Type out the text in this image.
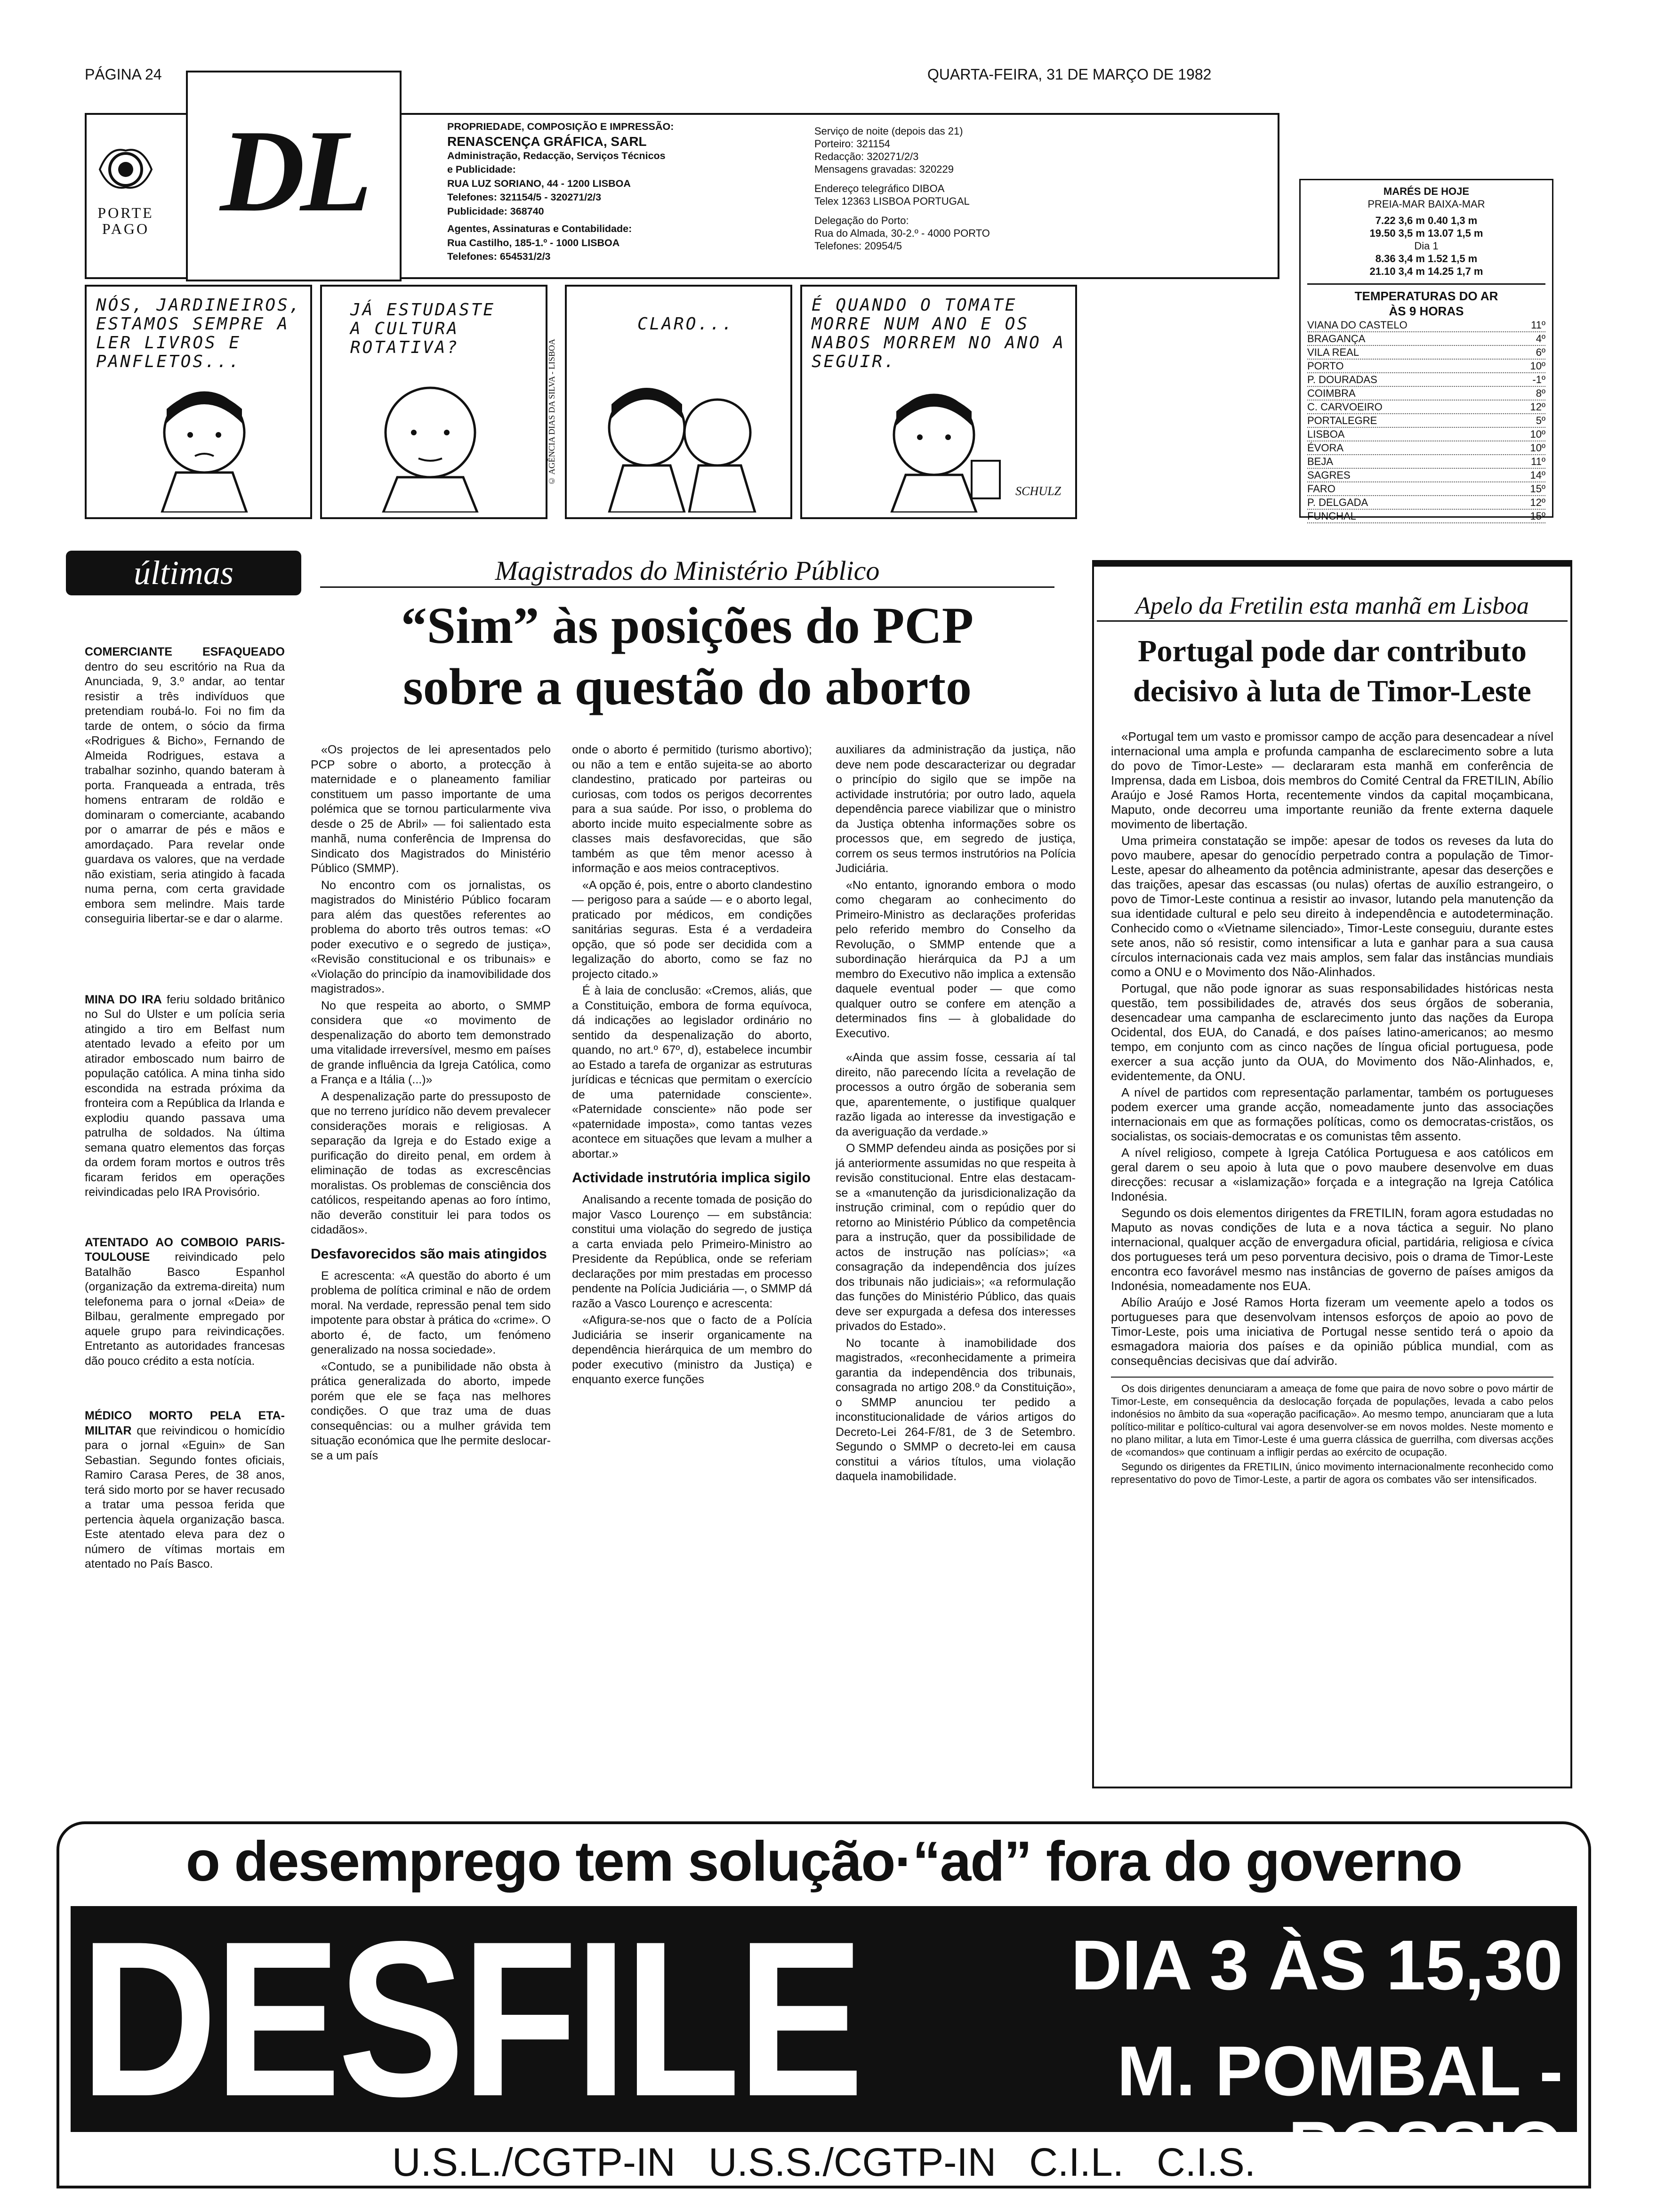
PÁGINA 24	QUARTA-FEIRA, 31 DE MARÇO DE 1982
PORTE PAGO DL	PROPRIEDADE, COMPOSIÇÃO E IMPRESSÃO:
RENASCENÇA GRÁFICA, SARL
Administração, Redacção, Serviços Técnicos
e Publicidade:
RUA LUZ SORIANO, 44 - 1200 LISBOA
Telefones: 321154/5 - 320271/2/3
Publicidade: 368740
Agentes, Assinaturas e Contabilidade:
Rua Castilho, 185-1.º - 1000 LISBOA
Telefones: 654531/2/3
Serviço de noite (depois das 21)
Porteiro: 321154
Redacção: 320271/2/3
Mensagens gravadas: 320229
Endereço telegráfico DIBOA
Telex 12363 LISBOA PORTUGAL
Delegação do Porto:
Rua do Almada, 30-2.º - 4000 PORTO
Telefones: 20954/5
MARÉS DE HOJE
PREIA-MAR BAIXA-MAR
7.22 3,6 m 0.40 1,3 m
19.50 3,5 m 13.07 1,5 m
Dia 1
8.36 3,4 m 1.52 1,5 m
21.10 3,4 m 14.25 1,7 m
TEMPERATURAS DO AR
ÀS 9 HORAS
VIANA DO CASTELO	11º
BRAGANÇA	4º
VILA REAL	6º
PORTO	10º
P. DOURADAS	-1º
COIMBRA	8º
C. CARVOEIRO	12º
PORTALEGRE	5º
LISBOA	10º
ÉVORA	10º
BEJA	11º
SAGRES	14º
FARO	15º
P. DELGADA	12º
FUNCHAL	15º
NÓS, JARDINEIROS, ESTAMOS SEMPRE A LER LIVROS E PANFLETOS...
JÁ ESTUDASTE A CULTURA ROTATIVA?	© AGÊNCIA DIAS DA SILVA - LISBOA
CLARO...
É QUANDO O TOMATE MORRE NUM ANO E OS NABOS MORREM NO ANO A SEGUIR.
SCHULZ
últimas

COMERCIANTE ESFAQUEADO dentro do seu escritório na Rua da Anunciada, 9, 3.º andar, ao tentar resistir a três indivíduos que pretendiam roubá-lo. Foi no fim da tarde de ontem, o sócio da firma «Rodrigues & Bicho», Fernando de Almeida Rodrigues, estava a trabalhar sozinho, quando bateram à porta. Franqueada a entrada, três homens entraram de roldão e dominaram o comerciante, acabando por o amarrar de pés e mãos e amordaçado. Para revelar onde guardava os valores, que na verdade não existiam, seria atingido à facada numa perna, com certa gravidade embora sem melindre. Mais tarde conseguiria libertar-se e dar o alarme.

MINA DO IRA feriu soldado britânico no Sul do Ulster e um polícia seria atingido a tiro em Belfast num atentado levado a efeito por um atirador emboscado num bairro de população católica. A mina tinha sido escondida na estrada próxima da fronteira com a República da Irlanda e explodiu quando passava uma patrulha de soldados. Na última semana quatro elementos das forças da ordem foram mortos e outros três ficaram feridos em operações reivindicadas pelo IRA Provisório.

ATENTADO AO COMBOIO PARIS-TOULOUSE reivindicado pelo Batalhão Basco Espanhol (organização da extrema-direita) num telefonema para o jornal «Deia» de Bilbau, geralmente empregado por aquele grupo para reivindicações. Entretanto as autoridades francesas dão pouco crédito a esta notícia.

MÉDICO MORTO PELA ETA-MILITAR que reivindicou o homicídio para o jornal «Eguin» de San Sebastian. Segundo fontes oficiais, Ramiro Carasa Peres, de 38 anos, terá sido morto por se haver recusado a tratar uma pessoa ferida que pertencia àquela organização basca. Este atentado eleva para dez o número de vítimas mortais em atentado no País Basco.

Magistrados do Ministério Público
“Sim” às posições do PCP
sobre a questão do aborto

«Os projectos de lei apresentados pelo PCP sobre o aborto, a protecção à maternidade e o planeamento familiar constituem um passo importante de uma polémica que se tornou particularmente viva desde o 25 de Abril» — foi salientado esta manhã, numa conferência de Imprensa do Sindicato dos Magistrados do Ministério Público (SMMP).

No encontro com os jornalistas, os magistrados do Ministério Público focaram para além das questões referentes ao problema do aborto três outros temas: «O poder executivo e o segredo de justiça», «Revisão constitucional e os tribunais» e «Violação do princípio da inamovibilidade dos magistrados».

No que respeita ao aborto, o SMMP considera que «o movimento de despenalização do aborto tem demonstrado uma vitalidade irreversível, mesmo em países de grande influência da Igreja Católica, como a França e a Itália (...)»

A despenalização parte do pressuposto de que no terreno jurídico não devem prevalecer considerações morais e religiosas. A separação da Igreja e do Estado exige a purificação do direito penal, em ordem à eliminação de todas as excrescências moralistas. Os problemas de consciência dos católicos, respeitando apenas ao foro íntimo, não deverão constituir lei para todos os cidadãos».

Desfavorecidos são mais atingidos

E acrescenta: «A questão do aborto é um problema de política criminal e não de ordem moral. Na verdade, repressão penal tem sido impotente para obstar à prática do «crime». O aborto é, de facto, um fenómeno generalizado na nossa sociedade».

«Contudo, se a punibilidade não obsta à prática generalizada do aborto, impede porém que ele se faça nas melhores condições. O que traz uma de duas consequências: ou a mulher grávida tem situação económica que lhe permite deslocar-se a um país

onde o aborto é permitido (turismo abortivo); ou não a tem e então sujeita-se ao aborto clandestino, praticado por parteiras ou curiosas, com todos os perigos decorrentes para a sua saúde. Por isso, o problema do aborto incide muito especialmente sobre as classes mais desfavorecidas, que são também as que têm menor acesso à informação e aos meios contraceptivos.

«A opção é, pois, entre o aborto clandestino — perigoso para a saúde — e o aborto legal, praticado por médicos, em condições sanitárias seguras. Esta é a verdadeira opção, que só pode ser decidida com a legalização do aborto, como se faz no projecto citado.»

É à laia de conclusão: «Cremos, aliás, que a Constituição, embora de forma equívoca, dá indicações ao legislador ordinário no sentido da despenalização do aborto, quando, no art.º 67º, d), estabelece incumbir ao Estado a tarefa de organizar as estruturas jurídicas e técnicas que permitam o exercício de uma paternidade consciente». «Paternidade consciente» não pode ser «paternidade imposta», como tantas vezes acontece em situações que levam a mulher a abortar.»

Actividade instrutória implica sigilo

Analisando a recente tomada de posição do major Vasco Lourenço — em substância: constitui uma violação do segredo de justiça a carta enviada pelo Primeiro-Ministro ao Presidente da República, onde se referiam declarações por mim prestadas em processo pendente na Polícia Judiciária —, o SMMP dá razão a Vasco Lourenço e acrescenta:

«Afigura-se-nos que o facto de a Polícia Judiciária se inserir organicamente na dependência hierárquica de um membro do poder executivo (ministro da Justiça) e enquanto exerce funções

auxiliares da administração da justiça, não deve nem pode descaracterizar ou degradar o princípio do sigilo que se impõe na actividade instrutória; por outro lado, aquela dependência parece viabilizar que o ministro da Justiça obtenha informações sobre os processos que, em segredo de justiça, correm os seus termos instrutórios na Polícia Judiciária.

«No entanto, ignorando embora o modo como chegaram ao conhecimento do Primeiro-Ministro as declarações proferidas pelo referido membro do Conselho da Revolução, o SMMP entende que a subordinação hierárquica da PJ a um membro do Executivo não implica a extensão daquele eventual poder — que como qualquer outro se confere em atenção a determinados fins — à globalidade do Executivo.

«Ainda que assim fosse, cessaria aí tal direito, não parecendo lícita a revelação de processos a outro órgão de soberania sem que, aparentemente, o justifique qualquer razão ligada ao interesse da investigação e da averiguação da verdade.»

O SMMP defendeu ainda as posições por si já anteriormente assumidas no que respeita à revisão constitucional. Entre elas destacam-se a «manutenção da jurisdicionalização da instrução criminal, com o repúdio quer do retorno ao Ministério Público da competência para a instrução, quer da possibilidade de actos de instrução nas polícias»; «a consagração da independência dos juízes dos tribunais não judiciais»; «a reformulação das funções do Ministério Público, das quais deve ser expurgada a defesa dos interesses privados do Estado».

No tocante à inamobilidade dos magistrados, «reconhecidamente a primeira garantia da independência dos tribunais, consagrada no artigo 208.º da Constituição», o SMMP anunciou ter pedido a inconstitucionalidade de vários artigos do Decreto-Lei 264-F/81, de 3 de Setembro. Segundo o SMMP o decreto-lei em causa constitui a vários títulos, uma violação daquela inamobilidade.

Apelo da Fretilin esta manhã em Lisboa
Portugal pode dar contributo
decisivo à luta de Timor-Leste

«Portugal tem um vasto e promissor campo de acção para desencadear a nível internacional uma ampla e profunda campanha de esclarecimento sobre a luta do povo de Timor-Leste» — declararam esta manhã em conferência de Imprensa, dada em Lisboa, dois membros do Comité Central da FRETILIN, Abílio Araújo e José Ramos Horta, recentemente vindos da capital moçambicana, Maputo, onde decorreu uma importante reunião da frente externa daquele movimento de libertação.

Uma primeira constatação se impõe: apesar de todos os reveses da luta do povo maubere, apesar do genocídio perpetrado contra a população de Timor-Leste, apesar do alheamento da potência administrante, apesar das deserções e das traições, apesar das escassas (ou nulas) ofertas de auxílio estrangeiro, o povo de Timor-Leste continua a resistir ao invasor, lutando pela manutenção da sua identidade cultural e pelo seu direito à independência e autodeterminação. Conhecido como o «Vietname silenciado», Timor-Leste conseguiu, durante estes sete anos, não só resistir, como intensificar a luta e ganhar para a sua causa círculos internacionais cada vez mais amplos, sem falar das instâncias mundiais como a ONU e o Movimento dos Não-Alinhados.

Portugal, que não pode ignorar as suas responsabilidades históricas nesta questão, tem possibilidades de, através dos seus órgãos de soberania, desencadear uma campanha de esclarecimento junto das nações da Europa Ocidental, dos EUA, do Canadá, e dos países latino-americanos; ao mesmo tempo, em conjunto com as cinco nações de língua oficial portuguesa, pode exercer a sua acção junto da OUA, do Movimento dos Não-Alinhados, e, evidentemente, da ONU.

A nível de partidos com representação parlamentar, também os portugueses podem exercer uma grande acção, nomeadamente junto das associações internacionais em que as formações políticas, como os democratas-cristãos, os socialistas, os sociais-democratas e os comunistas têm assento.

A nível religioso, compete à Igreja Católica Portuguesa e aos católicos em geral darem o seu apoio à luta que o povo maubere desenvolve em duas direcções: recusar a «islamização» forçada e a integração na Igreja Católica Indonésia.

Segundo os dois elementos dirigentes da FRETILIN, foram agora estudadas no Maputo as novas condições de luta e a nova táctica a seguir. No plano internacional, qualquer acção de envergadura oficial, partidária, religiosa e cívica dos portugueses terá um peso porventura decisivo, pois o drama de Timor-Leste encontra eco favorável mesmo nas instâncias de governo de países amigos da Indonésia, nomeadamente nos EUA.

Abílio Araújo e José Ramos Horta fizeram um veemente apelo a todos os portugueses para que desenvolvam intensos esforços de apoio ao povo de Timor-Leste, pois uma iniciativa de Portugal nesse sentido terá o apoio da esmagadora maioria dos países e da opinião pública mundial, com as consequências decisivas que daí advirão.

Os dois dirigentes denunciaram a ameaça de fome que paira de novo sobre o povo mártir de Timor-Leste, em consequência da deslocação forçada de populações, levada a cabo pelos indonésios no âmbito da sua «operação pacificação». Ao mesmo tempo, anunciaram que a luta político-militar e político-cultural vai agora desenvolver-se em novos moldes. Neste momento e no plano militar, a luta em Timor-Leste é uma guerra clássica de guerrilha, com diversas acções de «comandos» que continuam a infligir perdas ao exército de ocupação.

Segundo os dirigentes da FRETILIN, único movimento internacionalmente reconhecido como representativo do povo de Timor-Leste, a partir de agora os combates vão ser intensificados.

o desemprego tem solução·“ad” fora do governo
DESFILE	DIA 3 ÀS 15,30
M. POMBAL - ROSSIO
U.S.L./CGTP-IN   U.S.S./CGTP-IN   C.I.L.   C.I.S.
